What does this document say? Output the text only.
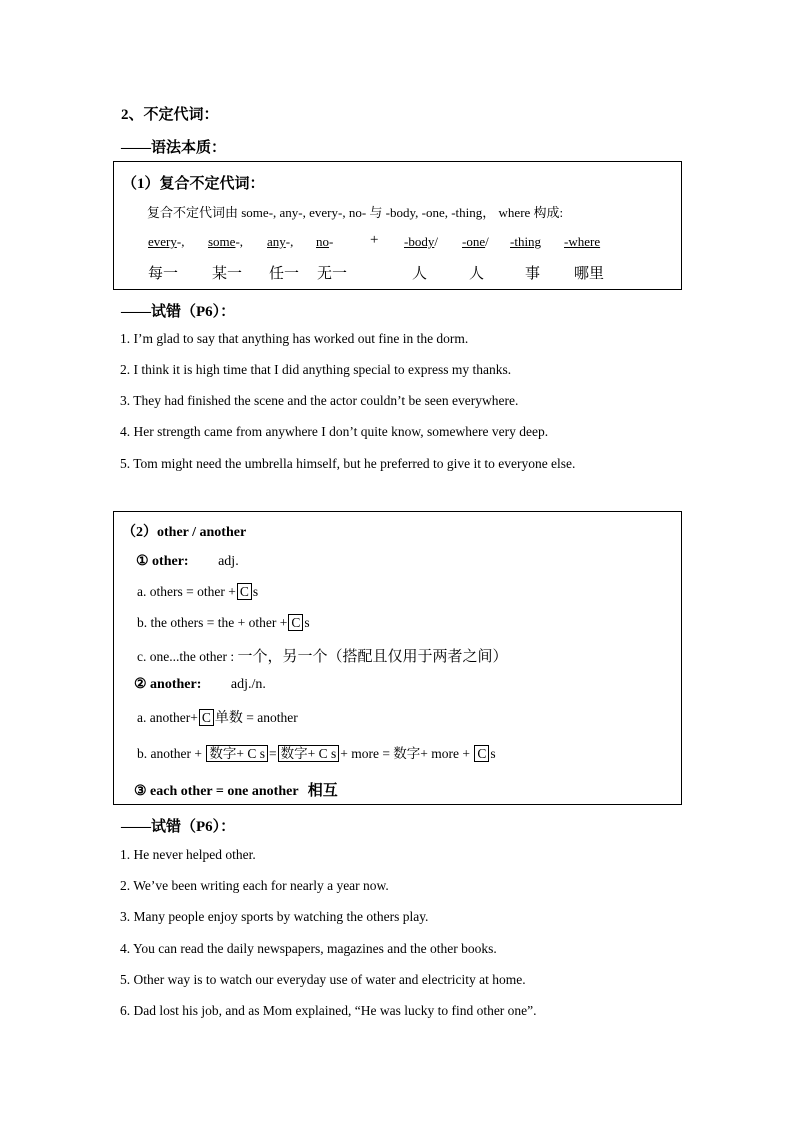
2、不定代词：
——语法本质：
（1）复合不定代词：
复合不定代词由 some-, any-, every-, no- 与 -body, -one, -thing， where 构成:
every-, some-, any-, no- + -body/ -one/ -thing -where
每一 某一 任一 无一	人	人	事 哪里
——试错（P6）：
1. I’m glad to say that anything has worked out fine in the dorm.
2. I think it is high time that I did anything special to express my thanks.
3. They had finished the scene and the actor couldn’t be seen everywhere.
4. Her strength came from anywhere I don’t quite know, somewhere very deep.
5. Tom might need the umbrella himself, but he preferred to give it to everyone else.
（2）other / another
① other: adj.
a. others = other + C s
b. the others = the + other + C s
c. one...the other : 一个，另一个（搭配且仅用于两者之间）
② another: adj./n.
a. another+ C 单数 = another
b. another + 数字+ C s = 数字+ C s + more = 数字+ more + C s
③ each other = one another 相互
——试错（P6）：
1. He never helped other.
2. We’ve been writing each for nearly a year now.
3. Many people enjoy sports by watching the others play.
4. You can read the daily newspapers, magazines and the other books.
5. Other way is to watch our everyday use of water and electricity at home.
6. Dad lost his job, and as Mom explained, “He was lucky to find other one”.
